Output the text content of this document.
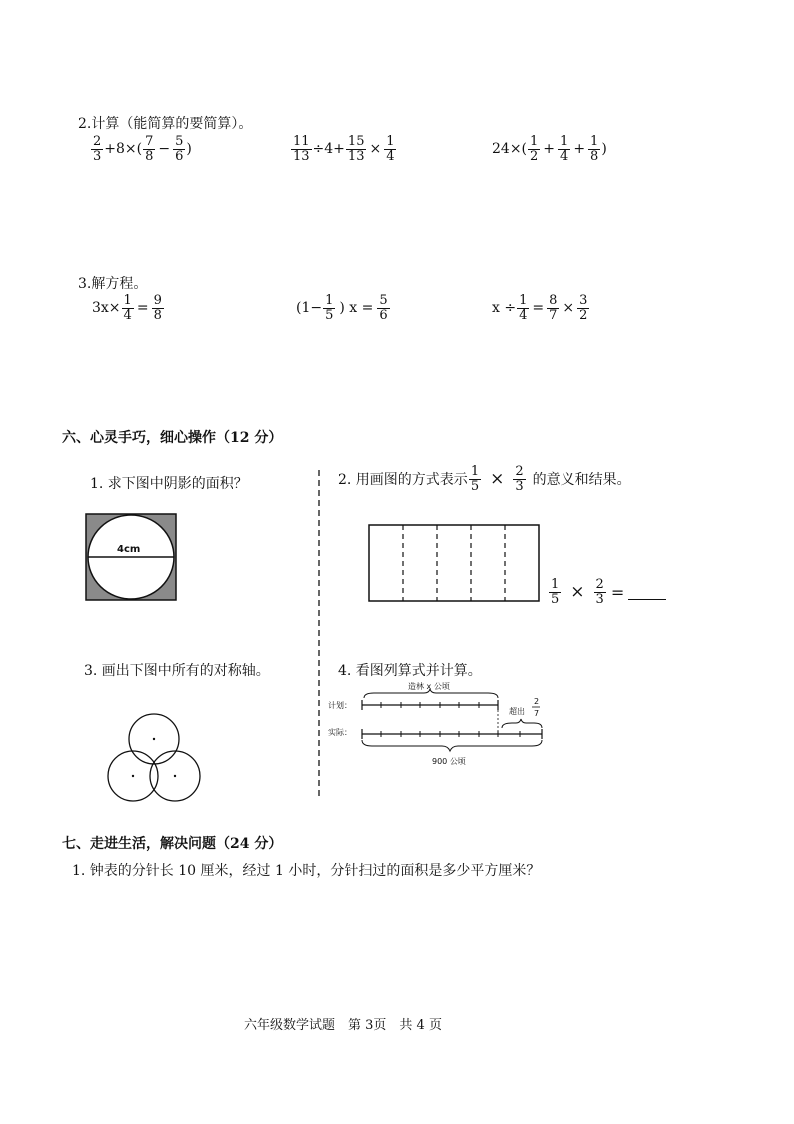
2.计算（能简算的要简算）。
$\frac{2}{3} +8\times( \frac{7}{8} - \frac{5}{6}$ )	$\frac{11}{13} \div 4+ \frac{15}{13} \times \frac{1}{4}$	$24\times( \frac{1}{2} + \frac{1}{4} + \frac{1}{8}$ )
3.解方程。
$3x\times \frac{1}{4} = \frac{9}{8}$	($1- \frac{1}{5}$ ) $x = \frac{5}{6}$	$x \div \frac{1}{4} = \frac{8}{7} \times \frac{3}{2}$
六、心灵手巧，细心操作（12 分）
1. 求下图中阴影的面积？
4cm
2. 用画图的方式表示 $\frac{1}{5} \times \frac{2}{3}$ 的意义和结果。
$\frac{1}{5} \times \frac{2}{3}$ =
3. 画出下图中所有的对称轴。	4. 看图列算式并计算。
造林 x 公顷
计划：
超出
2
7
实际：
900 公顷
七、走进生活，解决问题（24 分）
1. 钟表的分针长 10 厘米，经过 1 小时，分针扫过的面积是多少平方厘米？
六年级数学试题　第 3页　共 4 页
